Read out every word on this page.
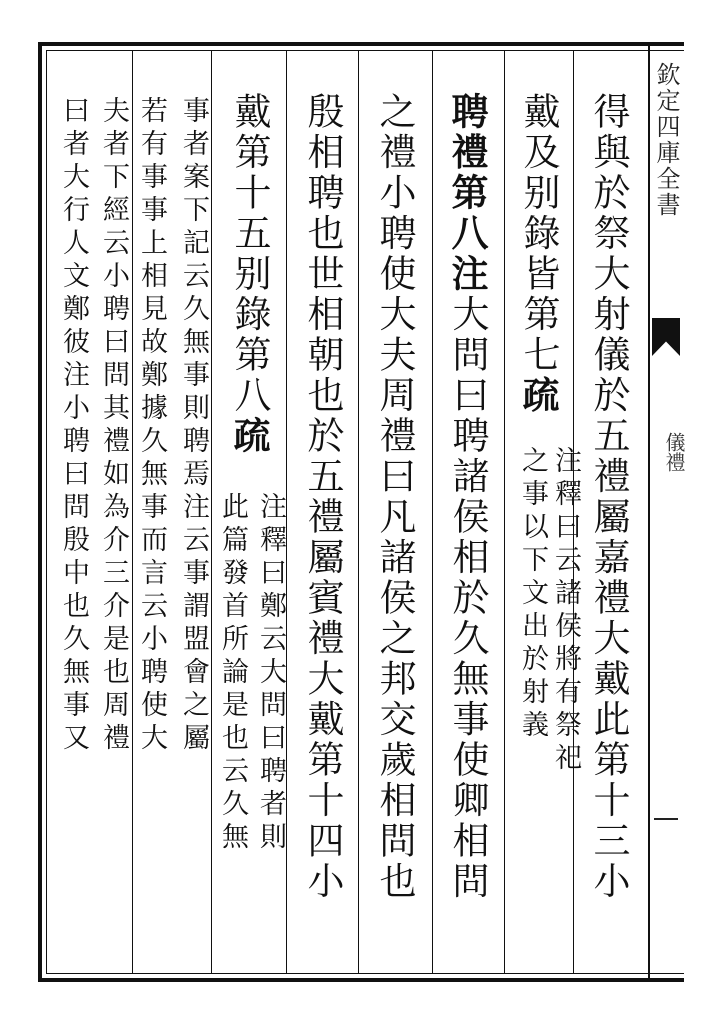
得與於祭大射儀於五禮屬嘉禮大戴此第十三小
戴及别錄皆第七疏
注釋曰云諸侯將有祭祀
之事以下文出於射義
聘禮第八注大問曰聘諸侯相於久無事使卿相問
之禮小聘使大夫周禮曰凡諸侯之邦交歲相問也
殷相聘也世相朝也於五禮屬賓禮大戴第十四小
戴第十五别錄第八疏
注釋曰鄭云大問曰聘者則
此篇發首所論是也云久無
事者案下記云久無事則聘焉注云事謂盟會之屬
若有事事上相見故鄭據久無事而言云小聘使大
夫者下經云小聘曰問其禮如為介三介是也周禮
曰者大行人文鄭彼注小聘曰問殷中也久無事又	欽定四庫全書
儀禮
